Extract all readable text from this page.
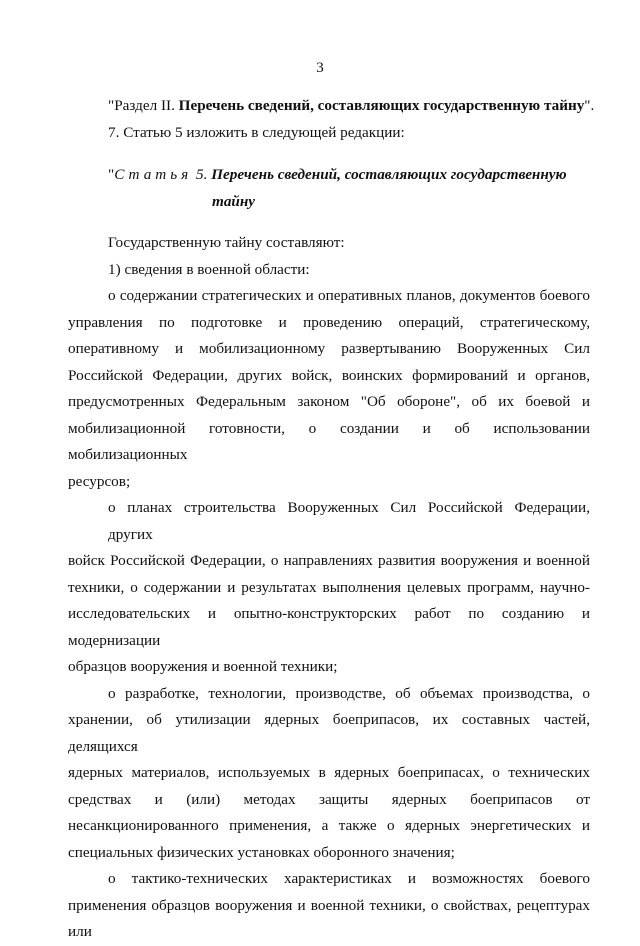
3
"Раздел II. Перечень сведений, составляющих государственную тайну".
7. Статью 5 изложить в следующей редакции:
"Статья 5. Перечень сведений, составляющих государственную
тайну
Государственную тайну составляют:
1) сведения в военной области:
о содержании стратегических и оперативных планов, документов боевого
управления по подготовке и проведению операций, стратегическому,
оперативному и мобилизационному развертыванию Вооруженных Сил
Российской Федерации, других войск, воинских формирований и органов,
предусмотренных Федеральным законом "Об обороне", об их боевой и
мобилизационной готовности, о создании и об использовании мобилизационных
ресурсов;
о планах строительства Вооруженных Сил Российской Федерации, других
войск Российской Федерации, о направлениях развития вооружения и военной
техники, о содержании и результатах выполнения целевых программ, научно-
исследовательских и опытно-конструкторских работ по созданию и модернизации
образцов вооружения и военной техники;
о разработке, технологии, производстве, об объемах производства, о
хранении, об утилизации ядерных боеприпасов, их составных частей, делящихся
ядерных материалов, используемых в ядерных боеприпасах, о технических
средствах и (или) методах защиты ядерных боеприпасов от
несанкционированного применения, а также о ядерных энергетических и
специальных физических установках оборонного значения;
о тактико-технических характеристиках и возможностях боевого
применения образцов вооружения и военной техники, о свойствах, рецептурах или
